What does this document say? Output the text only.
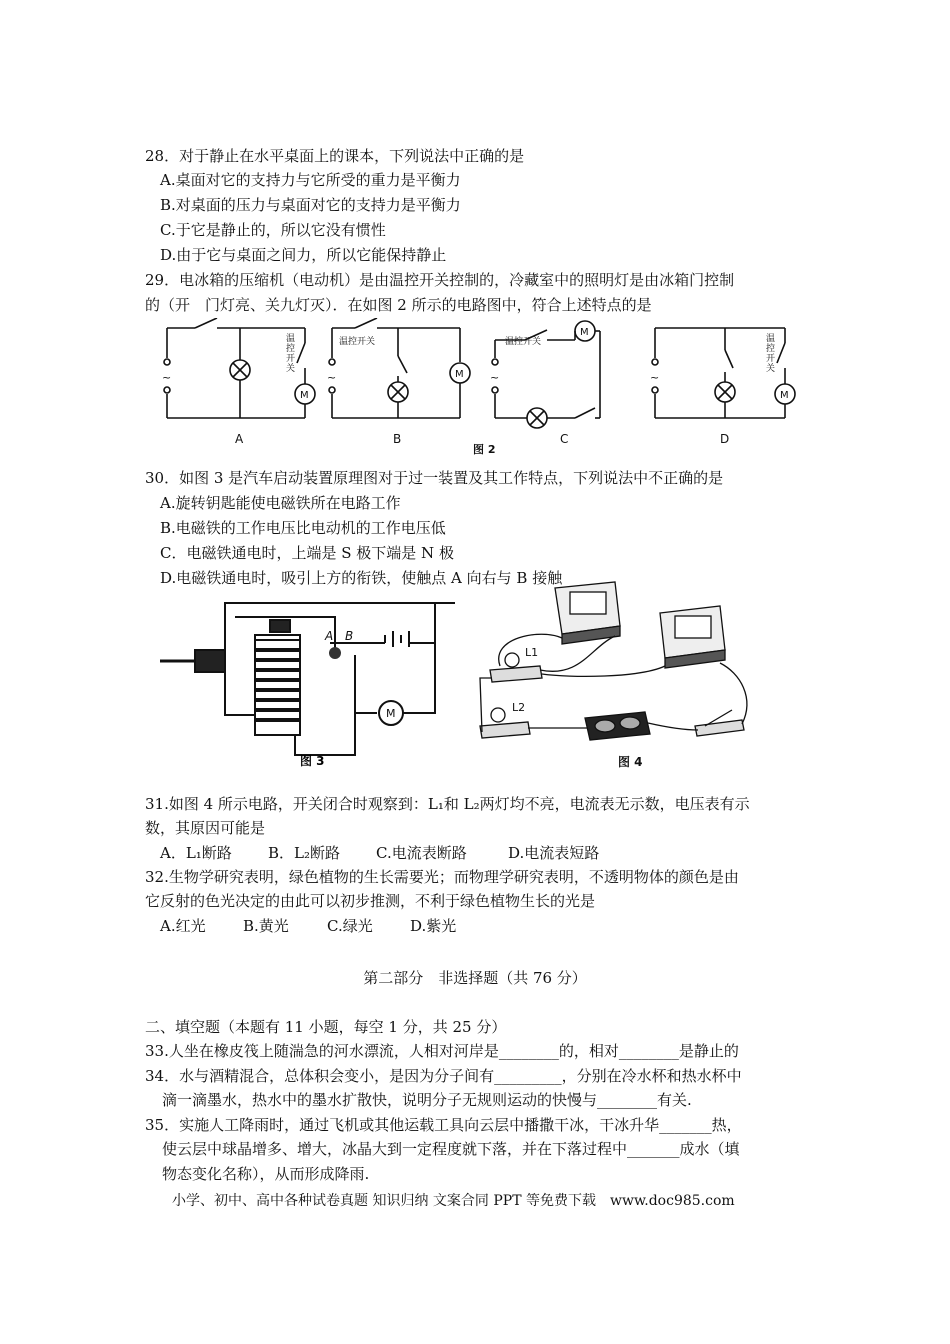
28．对于静止在水平桌面上的课本，下列说法中正确的是
A.桌面对它的支持力与它所受的重力是平衡力
B.对桌面的压力与桌面对它的支持力是平衡力
C.于它是静止的，所以它没有惯性
D.由于它与桌面之间力，所以它能保持静止
29．电冰箱的压缩机（电动机）是由温控开关控制的，冷藏室中的照明灯是由冰箱门控制
的（开　门灯亮、关九灯灭）．在如图 2 所示的电路图中，符合上述特点的是
~	~	~	~
M
M
M
M
温控开关	温控开关
A	B	C	D
图 2
温控开关
温控开关
30．如图 3 是汽车启动装置原理图对于过一装置及其工作特点，下列说法中不正确的是
A.旋转钥匙能使电磁铁所在电路工作
B.电磁铁的工作电压比电动机的工作电压低
C．电磁铁通电时，上端是 S 极下端是 N 极
D.电磁铁通电时，吸引上方的衔铁，使触点 A 向右与 B 接触
A B
M
图 3
L1
L2
图 4
31.如图 4 所示电路，开关闭合时观察到：L₁和 L₂两灯均不亮，电流表无示数，电压表有示
数，其原因可能是
A．L₁断路 B．L₂断路 C.电流表断路	D.电流表短路
32.生物学研究表明，绿色植物的生长需要光；而物理学研究表明，不透明物体的颜色是由
它反射的色光决定的由此可以初步推测，不利于绿色植物生长的光是
A.红光 B.黄光	C.绿光 D.紫光
第二部分　非选择题（共 76 分）
二、填空题（本题有 11 小题，每空 1 分，共 25 分）
33.人坐在橡皮筏上随湍急的河水漂流，人相对河岸是________的，相对________是静止的
34．水与酒精混合，总体积会变小，是因为分子间有_________，分别在冷水杯和热水杯中
滴一滴墨水，热水中的墨水扩散快，说明分子无规则运动的快慢与________有关.
35．实施人工降雨时，通过飞机或其他运载工具向云层中播撒干冰，干冰升华_______热，
使云层中球晶增多、增大，冰晶大到一定程度就下落，并在下落过程中_______成水（填
物态变化名称），从而形成降雨.
小学、初中、高中各种试卷真题 知识归纳 文案合同 PPT 等免费下载　www.doc985.com
